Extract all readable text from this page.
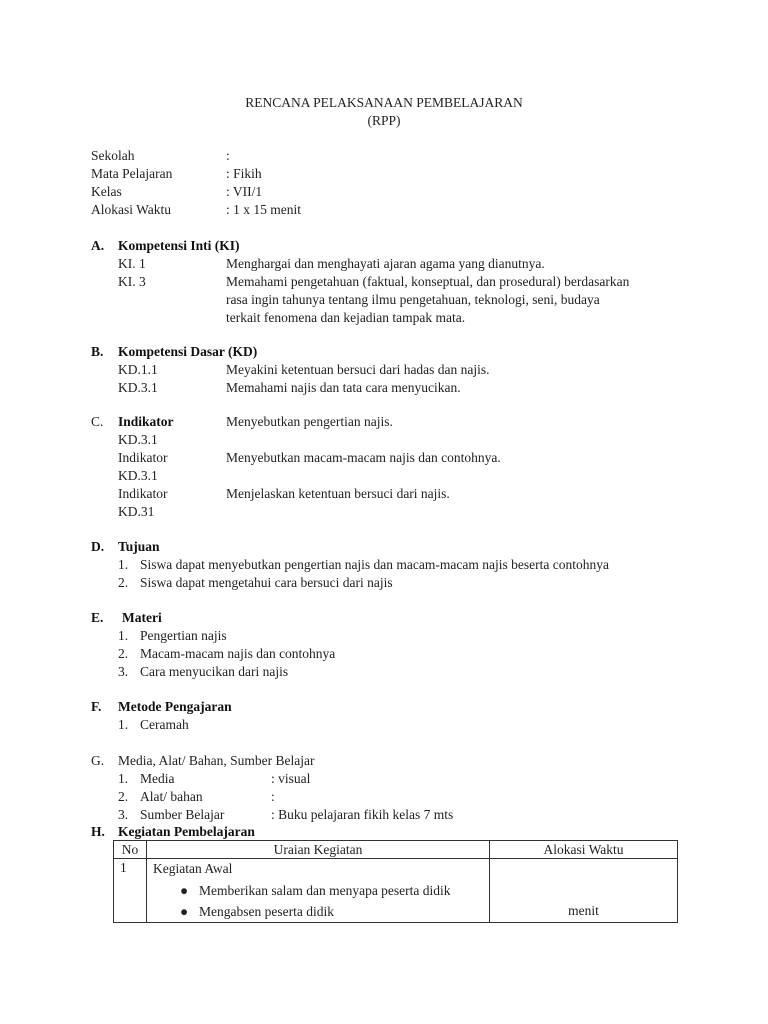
RENCANA PELAKSANAAN PEMBELAJARAN
(RPP)
Sekolah	:
Mata Pelajaran	: Fikih
Kelas	: VII/1
Alokasi Waktu	: 1 x 15 menit
A. Kompetensi Inti (KI)
KI. 1	Menghargai dan menghayati ajaran agama yang dianutnya.
KI. 3	Memahami pengetahuan (faktual, konseptual, dan prosedural) berdasarkan
rasa ingin tahunya tentang ilmu pengetahuan, teknologi, seni, budaya
terkait fenomena dan kejadian tampak mata.
B. Kompetensi Dasar (KD)
KD.1.1	Meyakini ketentuan bersuci dari hadas dan najis.
KD.3.1	Memahami najis dan tata cara menyucikan.
C. Indikator	Menyebutkan pengertian najis.
KD.3.1
Indikator	Menyebutkan macam-macam najis dan contohnya.
KD.3.1
Indikator	Menjelaskan ketentuan bersuci dari najis.
KD.31
D. Tujuan
1. Siswa dapat menyebutkan pengertian najis dan macam-macam najis beserta contohnya
2. Siswa dapat mengetahui cara bersuci dari najis
E. Materi
1. Pengertian najis
2. Macam-macam najis dan contohnya
3. Cara menyucikan dari najis
F. Metode Pengajaran
1. Ceramah
G. Media, Alat/ Bahan, Sumber Belajar
1. Media	: visual
2. Alat/ bahan	:
3. Sumber Belajar	: Buku pelajaran fikih kelas 7 mts
H. Kegiatan Pembelajaran
No	Uraian Kegiatan	Alokasi Waktu
1	Kegiatan Awal
● Memberikan salam dan menyapa peserta didik
● Mengabsen peserta didik	menit
